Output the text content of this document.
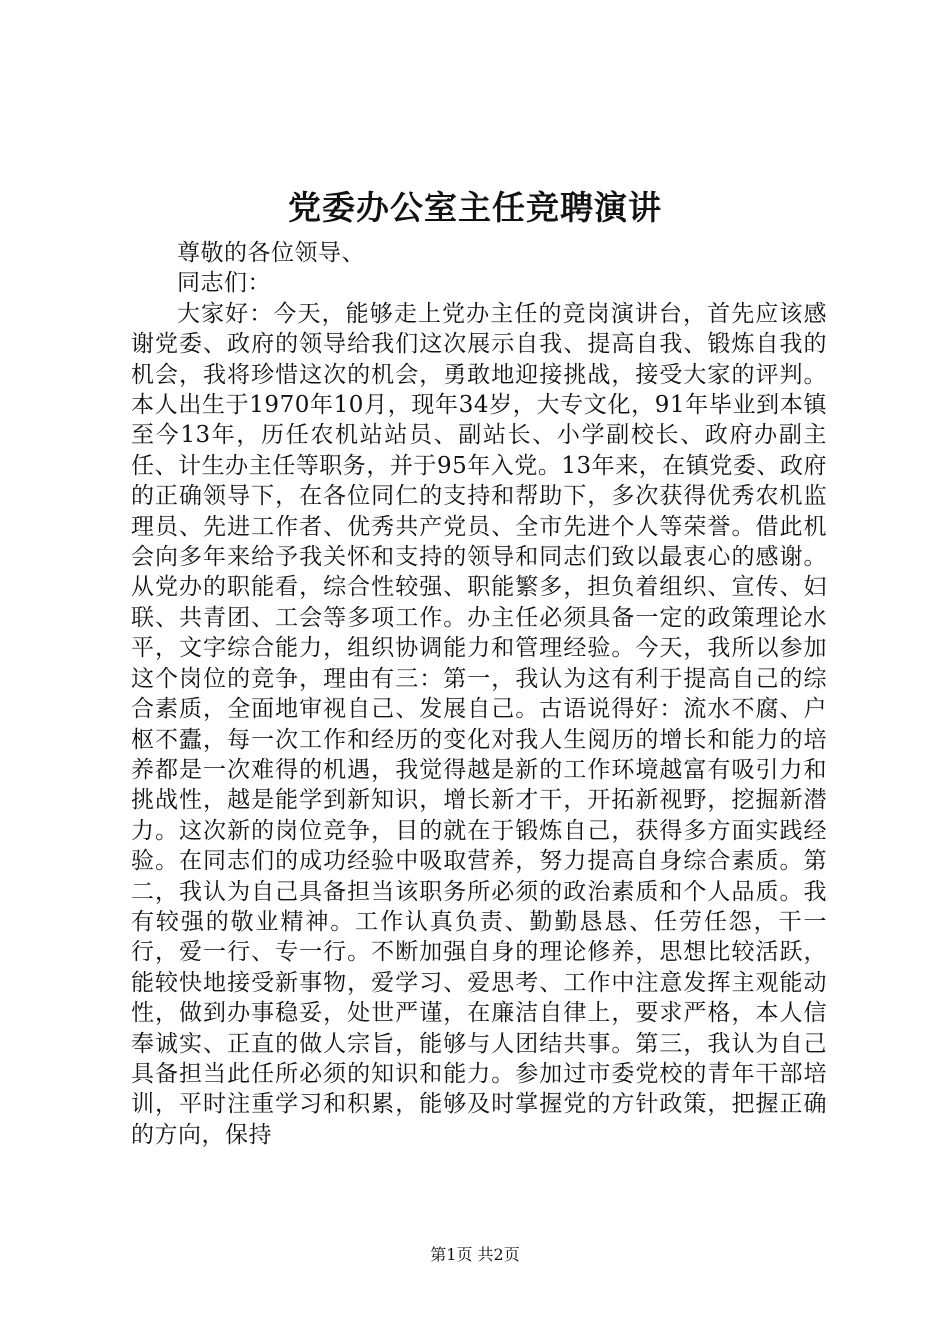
党委办公室主任竞聘演讲

尊敬的各位领导、

同志们：

大家好：今天，能够走上党办主任的竞岗演讲台，首先应该感谢党委、政府的领导给我们这次展示自我、提高自我、锻炼自我的机会，我将珍惜这次的机会，勇敢地迎接挑战，接受大家的评判。本人出生于1970年10月，现年34岁，大专文化，91年毕业到本镇至今13年，历任农机站站员、副站长、小学副校长、政府办副主任、计生办主任等职务，并于95年入党。13年来，在镇党委、政府的正确领导下，在各位同仁的支持和帮助下，多次获得优秀农机监理员、先进工作者、优秀共产党员、全市先进个人等荣誉。借此机会向多年来给予我关怀和支持的领导和同志们致以最衷心的感谢。从党办的职能看，综合性较强、职能繁多，担负着组织、宣传、妇联、共青团、工会等多项工作。办主任必须具备一定的政策理论水平，文字综合能力，组织协调能力和管理经验。今天，我所以参加这个岗位的竞争，理由有三：第一，我认为这有利于提高自己的综合素质，全面地审视自己、发展自己。古语说得好：流水不腐、户枢不蠹，每一次工作和经历的变化对我人生阅历的增长和能力的培养都是一次难得的机遇，我觉得越是新的工作环境越富有吸引力和挑战性，越是能学到新知识，增长新才干，开拓新视野，挖掘新潜力。这次新的岗位竞争，目的就在于锻炼自己，获得多方面实践经验。在同志们的成功经验中吸取营养，努力提高自身综合素质。第二，我认为自己具备担当该职务所必须的政治素质和个人品质。我有较强的敬业精神。工作认真负责、勤勤恳恳、任劳任怨，干一行，爱一行、专一行。不断加强自身的理论修养，思想比较活跃，能较快地接受新事物，爱学习、爱思考、工作中注意发挥主观能动性，做到办事稳妥，处世严谨，在廉洁自律上，要求严格，本人信奉诚实、正直的做人宗旨，能够与人团结共事。第三，我认为自己具备担当此任所必须的知识和能力。参加过市委党校的青年干部培训，平时注重学习和积累，能够及时掌握党的方针政策，把握正确的方向，保持

第1页 共2页
